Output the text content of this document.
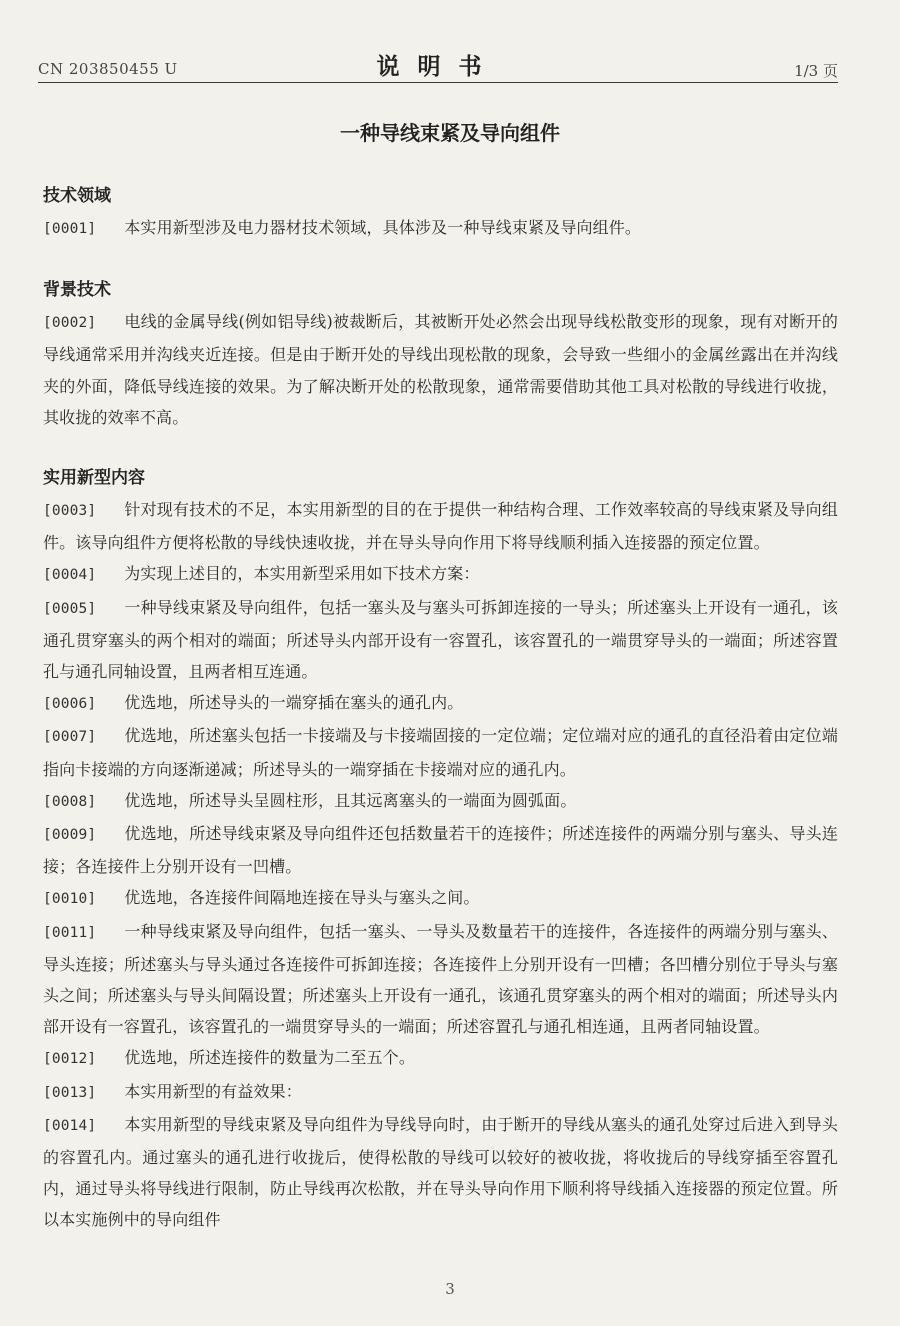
CN 203850455 U	说明书	1/3 页
一种导线束紧及导向组件
技术领域
[0001] 本实用新型涉及电力器材技术领域，具体涉及一种导线束紧及导向组件。
背景技术
[0002] 电线的金属导线(例如铝导线)被裁断后，其被断开处必然会出现导线松散变形的现象，现有对断开的导线通常采用并沟线夹近连接。但是由于断开处的导线出现松散的现象，会导致一些细小的金属丝露出在并沟线夹的外面，降低导线连接的效果。为了解决断开处的松散现象，通常需要借助其他工具对松散的导线进行收拢，其收拢的效率不高。
实用新型内容
[0003] 针对现有技术的不足，本实用新型的目的在于提供一种结构合理、工作效率较高的导线束紧及导向组件。该导向组件方便将松散的导线快速收拢，并在导头导向作用下将导线顺利插入连接器的预定位置。
[0004] 为实现上述目的，本实用新型采用如下技术方案：
[0005] 一种导线束紧及导向组件，包括一塞头及与塞头可拆卸连接的一导头；所述塞头上开设有一通孔，该通孔贯穿塞头的两个相对的端面；所述导头内部开设有一容置孔，该容置孔的一端贯穿导头的一端面；所述容置孔与通孔同轴设置，且两者相互连通。
[0006] 优选地，所述导头的一端穿插在塞头的通孔内。
[0007] 优选地，所述塞头包括一卡接端及与卡接端固接的一定位端；定位端对应的通孔的直径沿着由定位端指向卡接端的方向逐渐递减；所述导头的一端穿插在卡接端对应的通孔内。
[0008] 优选地，所述导头呈圆柱形，且其远离塞头的一端面为圆弧面。
[0009] 优选地，所述导线束紧及导向组件还包括数量若干的连接件；所述连接件的两端分别与塞头、导头连接；各连接件上分别开设有一凹槽。
[0010] 优选地，各连接件间隔地连接在导头与塞头之间。
[0011] 一种导线束紧及导向组件，包括一塞头、一导头及数量若干的连接件，各连接件的两端分别与塞头、导头连接；所述塞头与导头通过各连接件可拆卸连接；各连接件上分别开设有一凹槽；各凹槽分别位于导头与塞头之间；所述塞头与导头间隔设置；所述塞头上开设有一通孔，该通孔贯穿塞头的两个相对的端面；所述导头内部开设有一容置孔，该容置孔的一端贯穿导头的一端面；所述容置孔与通孔相连通，且两者同轴设置。
[0012] 优选地，所述连接件的数量为二至五个。
[0013] 本实用新型的有益效果：
[0014] 本实用新型的导线束紧及导向组件为导线导向时，由于断开的导线从塞头的通孔处穿过后进入到导头的容置孔内。通过塞头的通孔进行收拢后，使得松散的导线可以较好的被收拢，将收拢后的导线穿插至容置孔内，通过导头将导线进行限制，防止导线再次松散，并在导头导向作用下顺利将导线插入连接器的预定位置。所以本实施例中的导向组件
3
